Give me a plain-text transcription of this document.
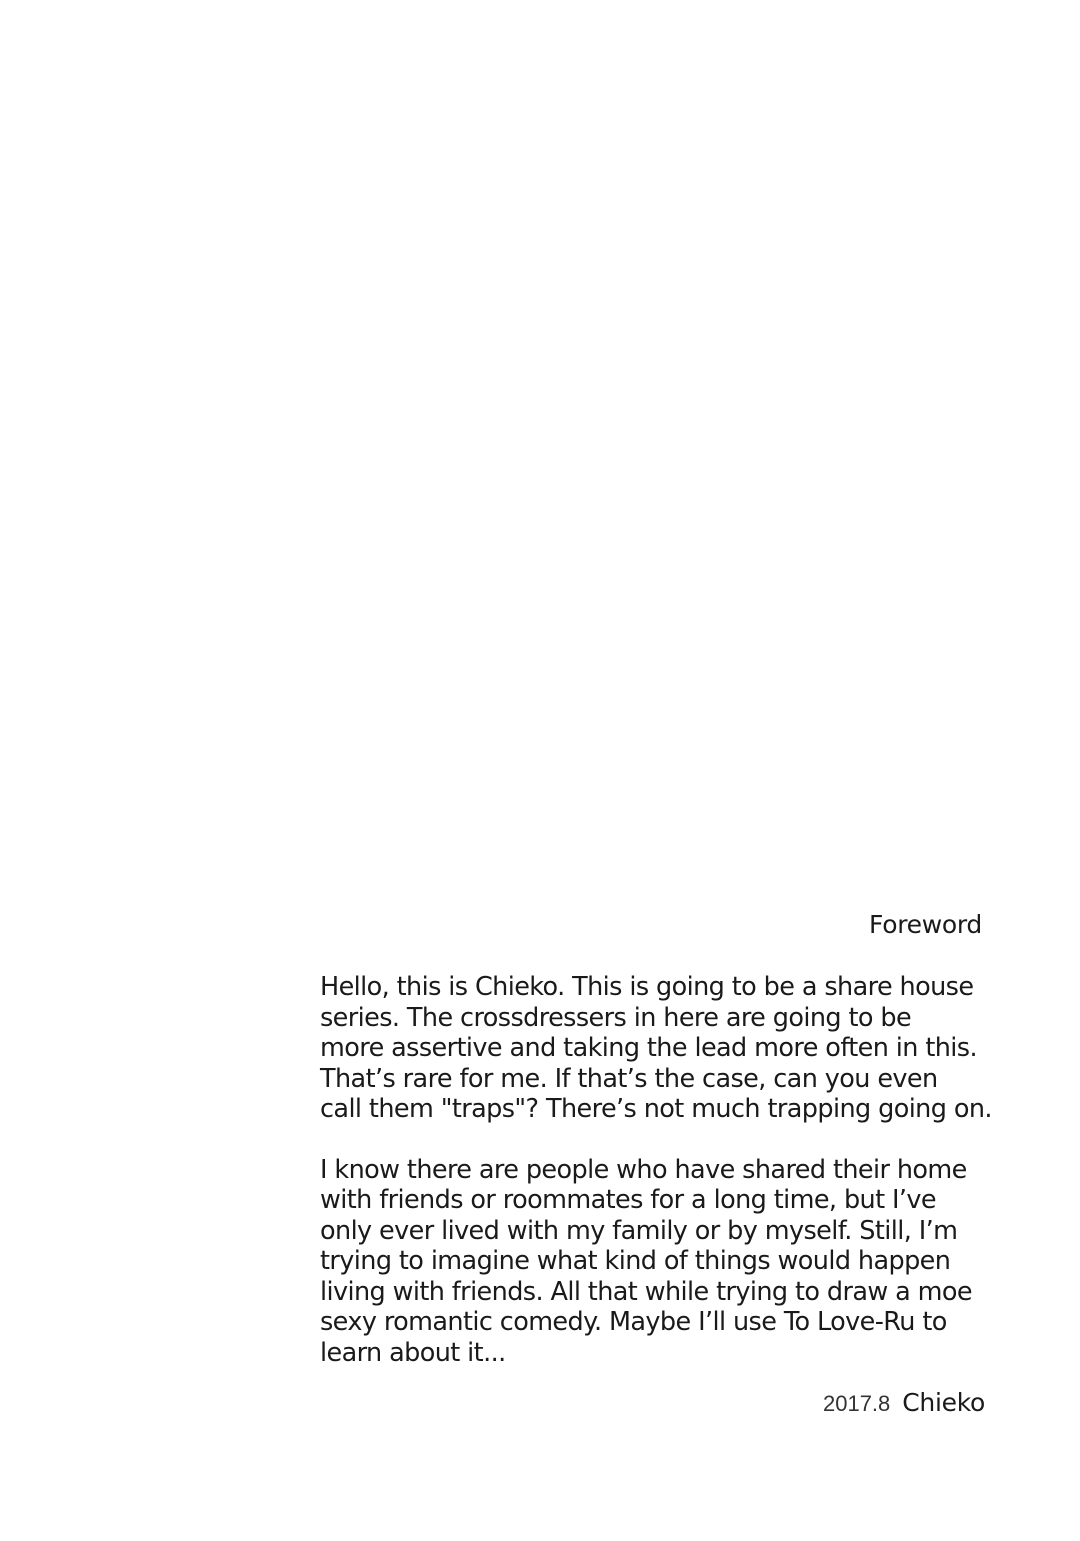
Foreword

Hello, this is Chieko. This is going to be a share house
series. The crossdressers in here are going to be
more assertive and taking the lead more often in this.
That’s rare for me. If that’s the case, can you even
call them "traps"? There’s not much trapping going on.

I know there are people who have shared their home
with friends or roommates for a long time, but I’ve
only ever lived with my family or by myself. Still, I’m
trying to imagine what kind of things would happen
living with friends. All that while trying to draw a moe
sexy romantic comedy. Maybe I’ll use To Love-Ru to
learn about it...

2017.8 Chieko
